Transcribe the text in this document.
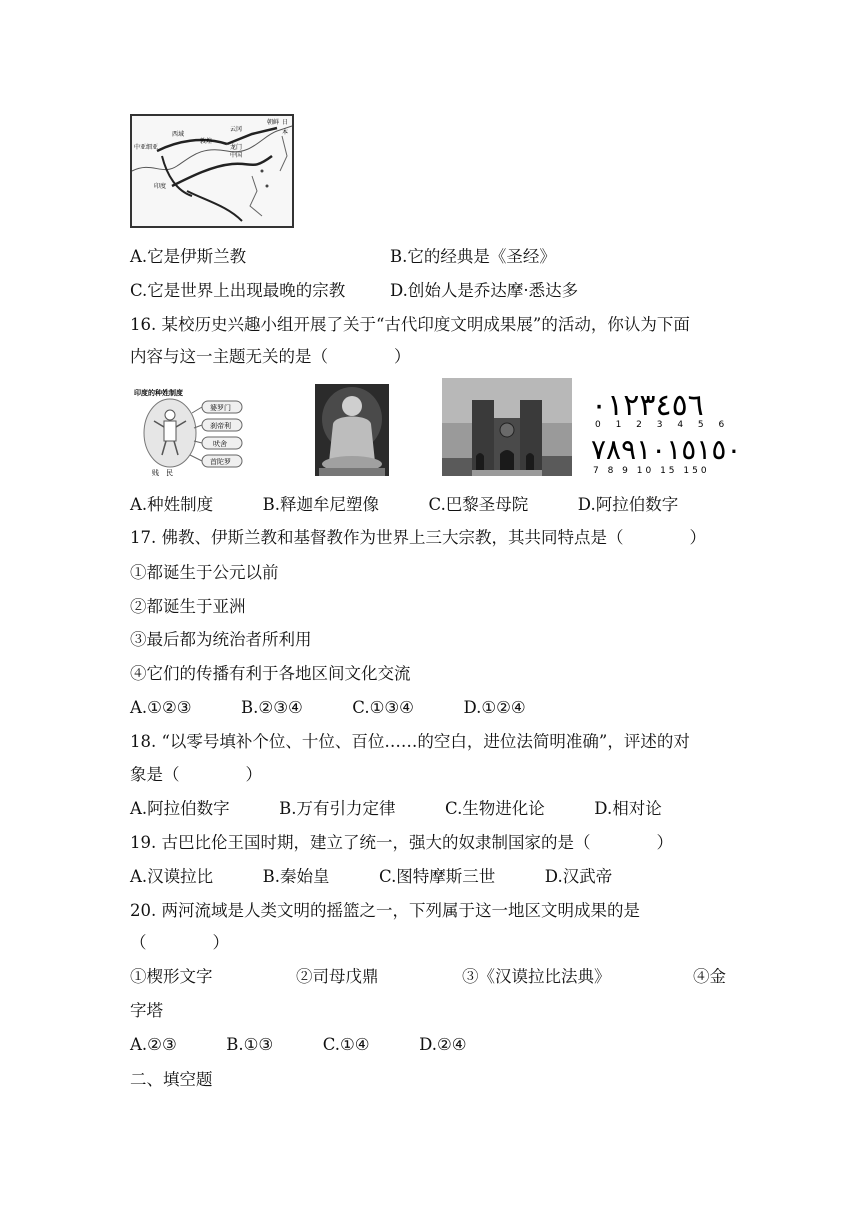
中亚细亚
西域
敦煌
云冈
龙门
中国
朝鲜 日
本
印度
A.它是伊斯兰教	B.它的经典是《圣经》
C.它是世界上出现最晚的宗教	D.创始人是乔达摩·悉达多
16. 某校历史兴趣小组开展了关于“古代印度文明成果展”的活动，你认为下面
内容与这一主题无关的是（　　　　）
印度的种姓制度
婆罗门
刹帝利
吠舍
首陀罗
贱　民
٠١٢٣٤٥٦
0 1 2 3 4 5 6
٧٨٩١٠١٥١٥٠
7 8 9 10 15 150
A.种姓制度　　　B.释迦牟尼塑像　　　C.巴黎圣母院　　　D.阿拉伯数字
17. 佛教、伊斯兰教和基督教作为世界上三大宗教，其共同特点是（　　　　）
①都诞生于公元以前
②都诞生于亚洲
③最后都为统治者所利用
④它们的传播有利于各地区间文化交流
A.①②③　　　B.②③④　　　C.①③④　　　D.①②④
18. “以零号填补个位、十位、百位……的空白，进位法简明准确”，评述的对
象是（　　　　）
A.阿拉伯数字　　　B.万有引力定律　　　C.生物进化论　　　D.相对论
19. 古巴比伦王国时期，建立了统一，强大的奴隶制国家的是（　　　　）
A.汉谟拉比　　　B.秦始皇　　　C.图特摩斯三世　　　D.汉武帝
20. 两河流域是人类文明的摇篮之一，下列属于这一地区文明成果的是
（　　　　）
①楔形文字	②司母戊鼎	③《汉谟拉比法典》	④金
字塔
A.②③　　　B.①③　　　C.①④　　　D.②④
二、填空题
